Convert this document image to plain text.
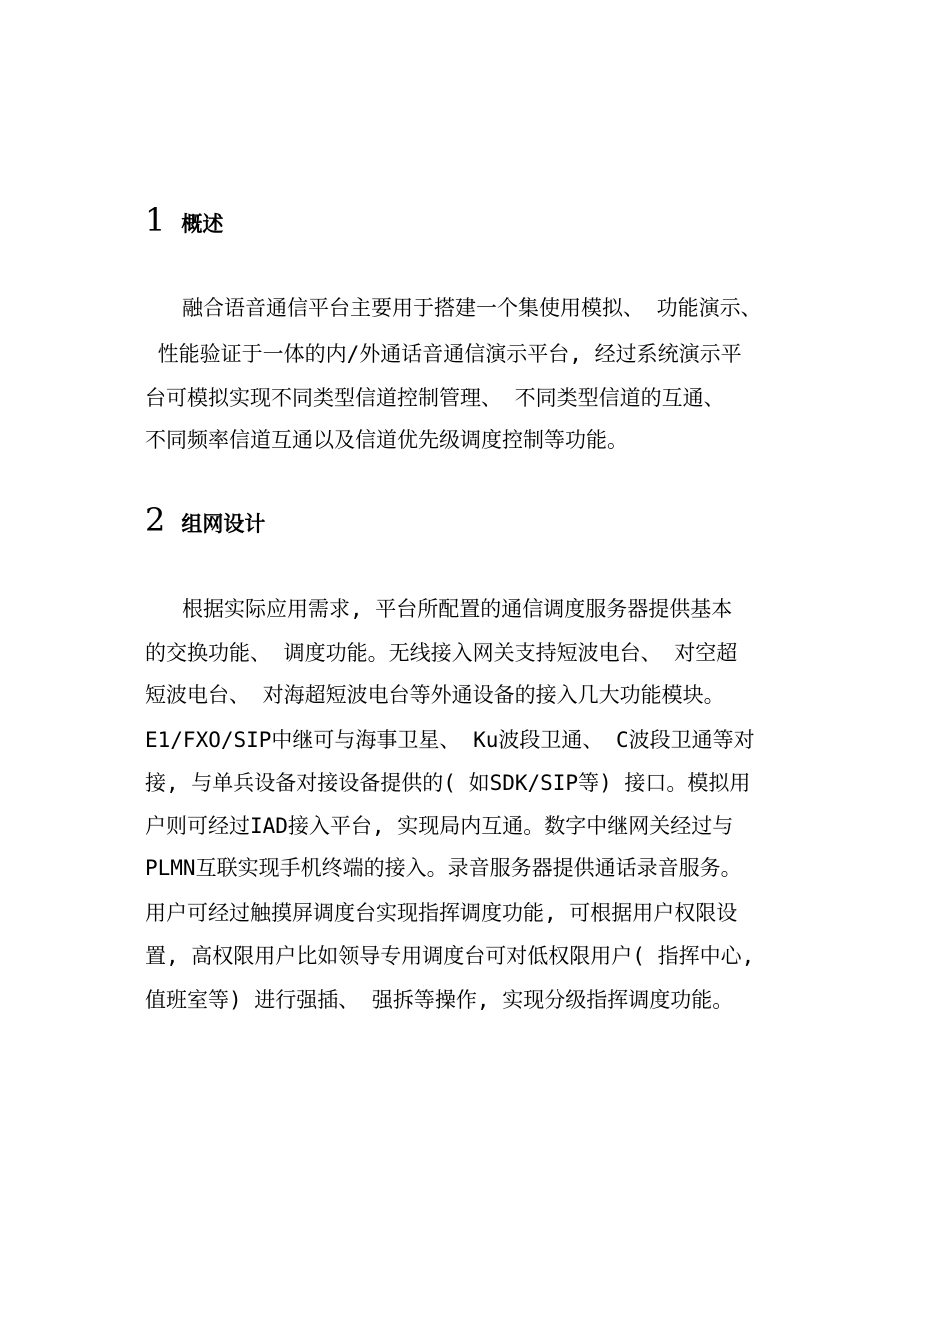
1 概述
融合语音通信平台主要用于搭建一个集使用模拟、 功能演示、
性能验证于一体的内/外通话音通信演示平台, 经过系统演示平
台可模拟实现不同类型信道控制管理、 不同类型信道的互通、
不同频率信道互通以及信道优先级调度控制等功能。
2 组网设计
根据实际应用需求, 平台所配置的通信调度服务器提供基本
的交换功能、 调度功能。无线接入网关支持短波电台、 对空超
短波电台、 对海超短波电台等外通设备的接入几大功能模块。
E1/FXO/SIP中继可与海事卫星、 Ku波段卫通、 C波段卫通等对
接, 与单兵设备对接设备提供的( 如SDK/SIP等) 接口。模拟用
户则可经过IAD接入平台, 实现局内互通。数字中继网关经过与
PLMN互联实现手机终端的接入。录音服务器提供通话录音服务。
用户可经过触摸屏调度台实现指挥调度功能, 可根据用户权限设
置, 高权限用户比如领导专用调度台可对低权限用户( 指挥中心,
值班室等) 进行强插、 强拆等操作, 实现分级指挥调度功能。
